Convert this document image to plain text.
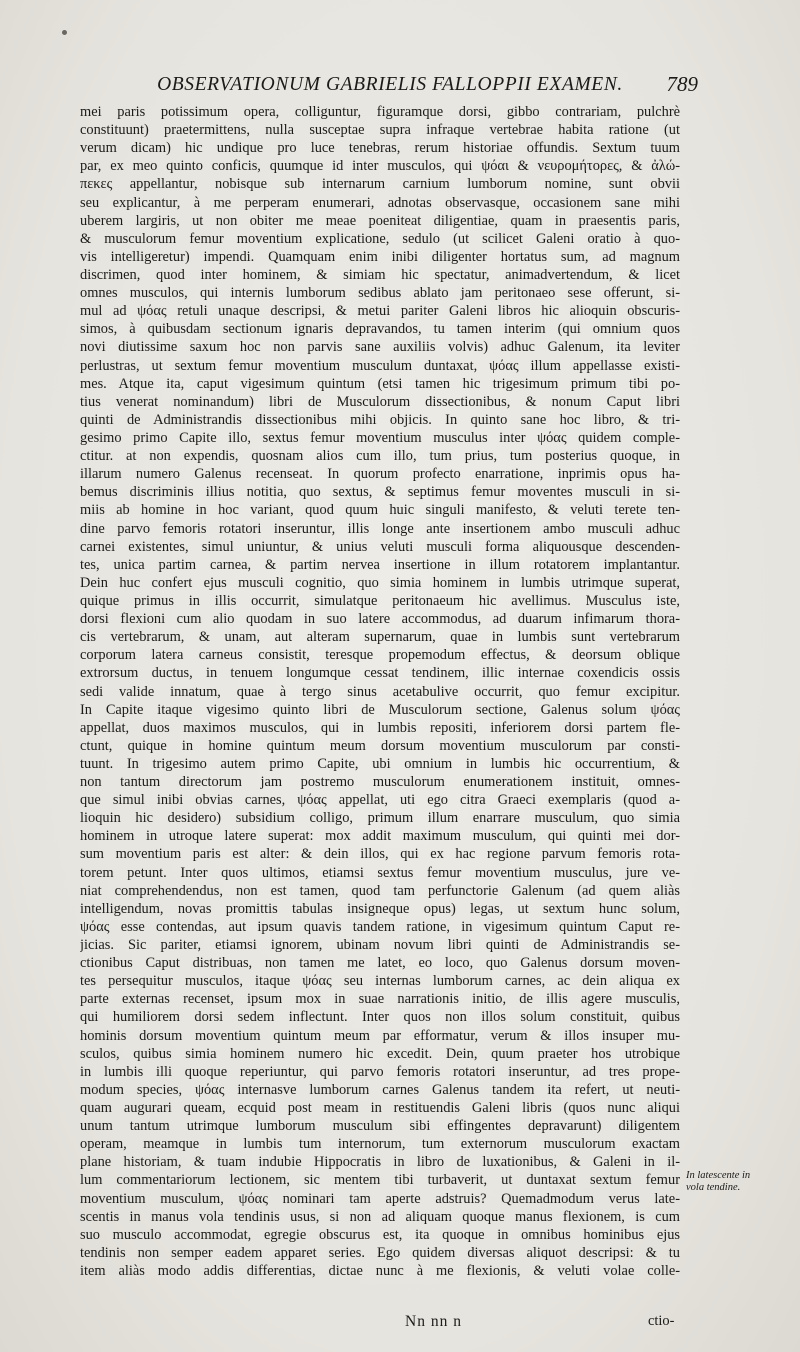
OBSERVATIONUM GABRIELIS FALLOPPII EXAMEN.	789
mei paris potissimum opera, colliguntur, figuramque dorsi, gibbo contrariam, pulchrè
constituunt) praetermittens, nulla susceptae supra infraque vertebrae habita ratione (ut
verum dicam) hic undique pro luce tenebras, rerum historiae offundis. Sextum tuum
par, ex meo quinto conficis, quumque id inter musculos, qui ψόαι & νευρομήτορες, & ἀλώ-
πεκες appellantur, nobisque sub internarum carnium lumborum nomine, sunt obvii
seu explicantur, à me perperam enumerari, adnotas observasque, occasionem sane mihi
uberem largiris, ut non obiter me meae poeniteat diligentiae, quam in praesentis paris,
& musculorum femur moventium explicatione, sedulo (ut scilicet Galeni oratio à quo-
vis intelligeretur) impendi. Quamquam enim inibi diligenter hortatus sum, ad magnum
discrimen, quod inter hominem, & simiam hic spectatur, animadvertendum, & licet
omnes musculos, qui internis lumborum sedibus ablato jam peritonaeo sese offerunt, si-
mul ad ψόας retuli unaque descripsi, & metui pariter Galeni libros hic alioquin obscuris-
simos, à quibusdam sectionum ignaris depravandos, tu tamen interim (qui omnium quos
novi diutissime saxum hoc non parvis sane auxiliis volvis) adhuc Galenum, ita leviter
perlustras, ut sextum femur moventium musculum duntaxat, ψόας illum appellasse existi-
mes. Atque ita, caput vigesimum quintum (etsi tamen hic trigesimum primum tibi po-
tius venerat nominandum) libri de Musculorum dissectionibus, & nonum Caput libri
quinti de Administrandis dissectionibus mihi objicis. In quinto sane hoc libro, & tri-
gesimo primo Capite illo, sextus femur moventium musculus inter ψόας quidem comple-
ctitur. at non expendis, quosnam alios cum illo, tum prius, tum posterius quoque, in
illarum numero Galenus recenseat. In quorum profecto enarratione, inprimis opus ha-
bemus discriminis illius notitia, quo sextus, & septimus femur moventes musculi in si-
miis ab homine in hoc variant, quod quum huic singuli manifesto, & veluti terete ten-
dine parvo femoris rotatori inseruntur, illis longe ante insertionem ambo musculi adhuc
carnei existentes, simul uniuntur, & unius veluti musculi forma aliquousque descenden-
tes, unica partim carnea, & partim nervea insertione in illum rotatorem implantantur.
Dein huc confert ejus musculi cognitio, quo simia hominem in lumbis utrimque superat,
quique primus in illis occurrit, simulatque peritonaeum hic avellimus. Musculus iste,
dorsi flexioni cum alio quodam in suo latere accommodus, ad duarum infimarum thora-
cis vertebrarum, & unam, aut alteram supernarum, quae in lumbis sunt vertebrarum
corporum latera carneus consistit, teresque propemodum effectus, & deorsum oblique
extrorsum ductus, in tenuem longumque cessat tendinem, illic internae coxendicis ossis
sedi valide innatum, quae à tergo sinus acetabulive occurrit, quo femur excipitur.
In Capite itaque vigesimo quinto libri de Musculorum sectione, Galenus solum ψόας
appellat, duos maximos musculos, qui in lumbis repositi, inferiorem dorsi partem fle-
ctunt, quique in homine quintum meum dorsum moventium musculorum par consti-
tuunt. In trigesimo autem primo Capite, ubi omnium in lumbis hic occurrentium, &
non tantum directorum jam postremo musculorum enumerationem instituit, omnes-
que simul inibi obvias carnes, ψόας appellat, uti ego citra Graeci exemplaris (quod a-
lioquin hic desidero) subsidium colligo, primum illum enarrare musculum, quo simia
hominem in utroque latere superat: mox addit maximum musculum, qui quinti mei dor-
sum moventium paris est alter: & dein illos, qui ex hac regione parvum femoris rota-
torem petunt. Inter quos ultimos, etiamsi sextus femur moventium musculus, jure ve-
niat comprehendendus, non est tamen, quod tam perfunctorie Galenum (ad quem aliàs
intelligendum, novas promittis tabulas insigneque opus) legas, ut sextum hunc solum,
ψόας esse contendas, aut ipsum quavis tandem ratione, in vigesimum quintum Caput re-
jicias. Sic pariter, etiamsi ignorem, ubinam novum libri quinti de Administrandis se-
ctionibus Caput distribuas, non tamen me latet, eo loco, quo Galenus dorsum moven-
tes persequitur musculos, itaque ψόας seu internas lumborum carnes, ac dein aliqua ex
parte externas recenset, ipsum mox in suae narrationis initio, de illis agere musculis,
qui humiliorem dorsi sedem inflectunt. Inter quos non illos solum constituit, quibus
hominis dorsum moventium quintum meum par efformatur, verum & illos insuper mu-
sculos, quibus simia hominem numero hic excedit. Dein, quum praeter hos utrobique
in lumbis illi quoque reperiuntur, qui parvo femoris rotatori inseruntur, ad tres prope-
modum species, ψόας internasve lumborum carnes Galenus tandem ita refert, ut neuti-
quam augurari queam, ecquid post meam in restituendis Galeni libris (quos nunc aliqui
unum tantum utrimque lumborum musculum sibi effingentes depravarunt) diligentem
operam, meamque in lumbis tum internorum, tum externorum musculorum exactam
plane historiam, & tuam indubie Hippocratis in libro de luxationibus, & Galeni in il-
lum commentariorum lectionem, sic mentem tibi turbaverit, ut duntaxat sextum femur
moventium musculum, ψόας nominari tam aperte adstruis? Quemadmodum verus late-
scentis in manus vola tendinis usus, si non ad aliquam quoque manus flexionem, is cum
suo musculo accommodat, egregie obscurus est, ita quoque in omnibus hominibus ejus
tendinis non semper eadem apparet series. Ego quidem diversas aliquot descripsi: & tu
item aliàs modo addis differentias, dictae nunc à me flexionis, & veluti volae colle-
In latescente in vola tendine.
Nn nn n	ctio-
